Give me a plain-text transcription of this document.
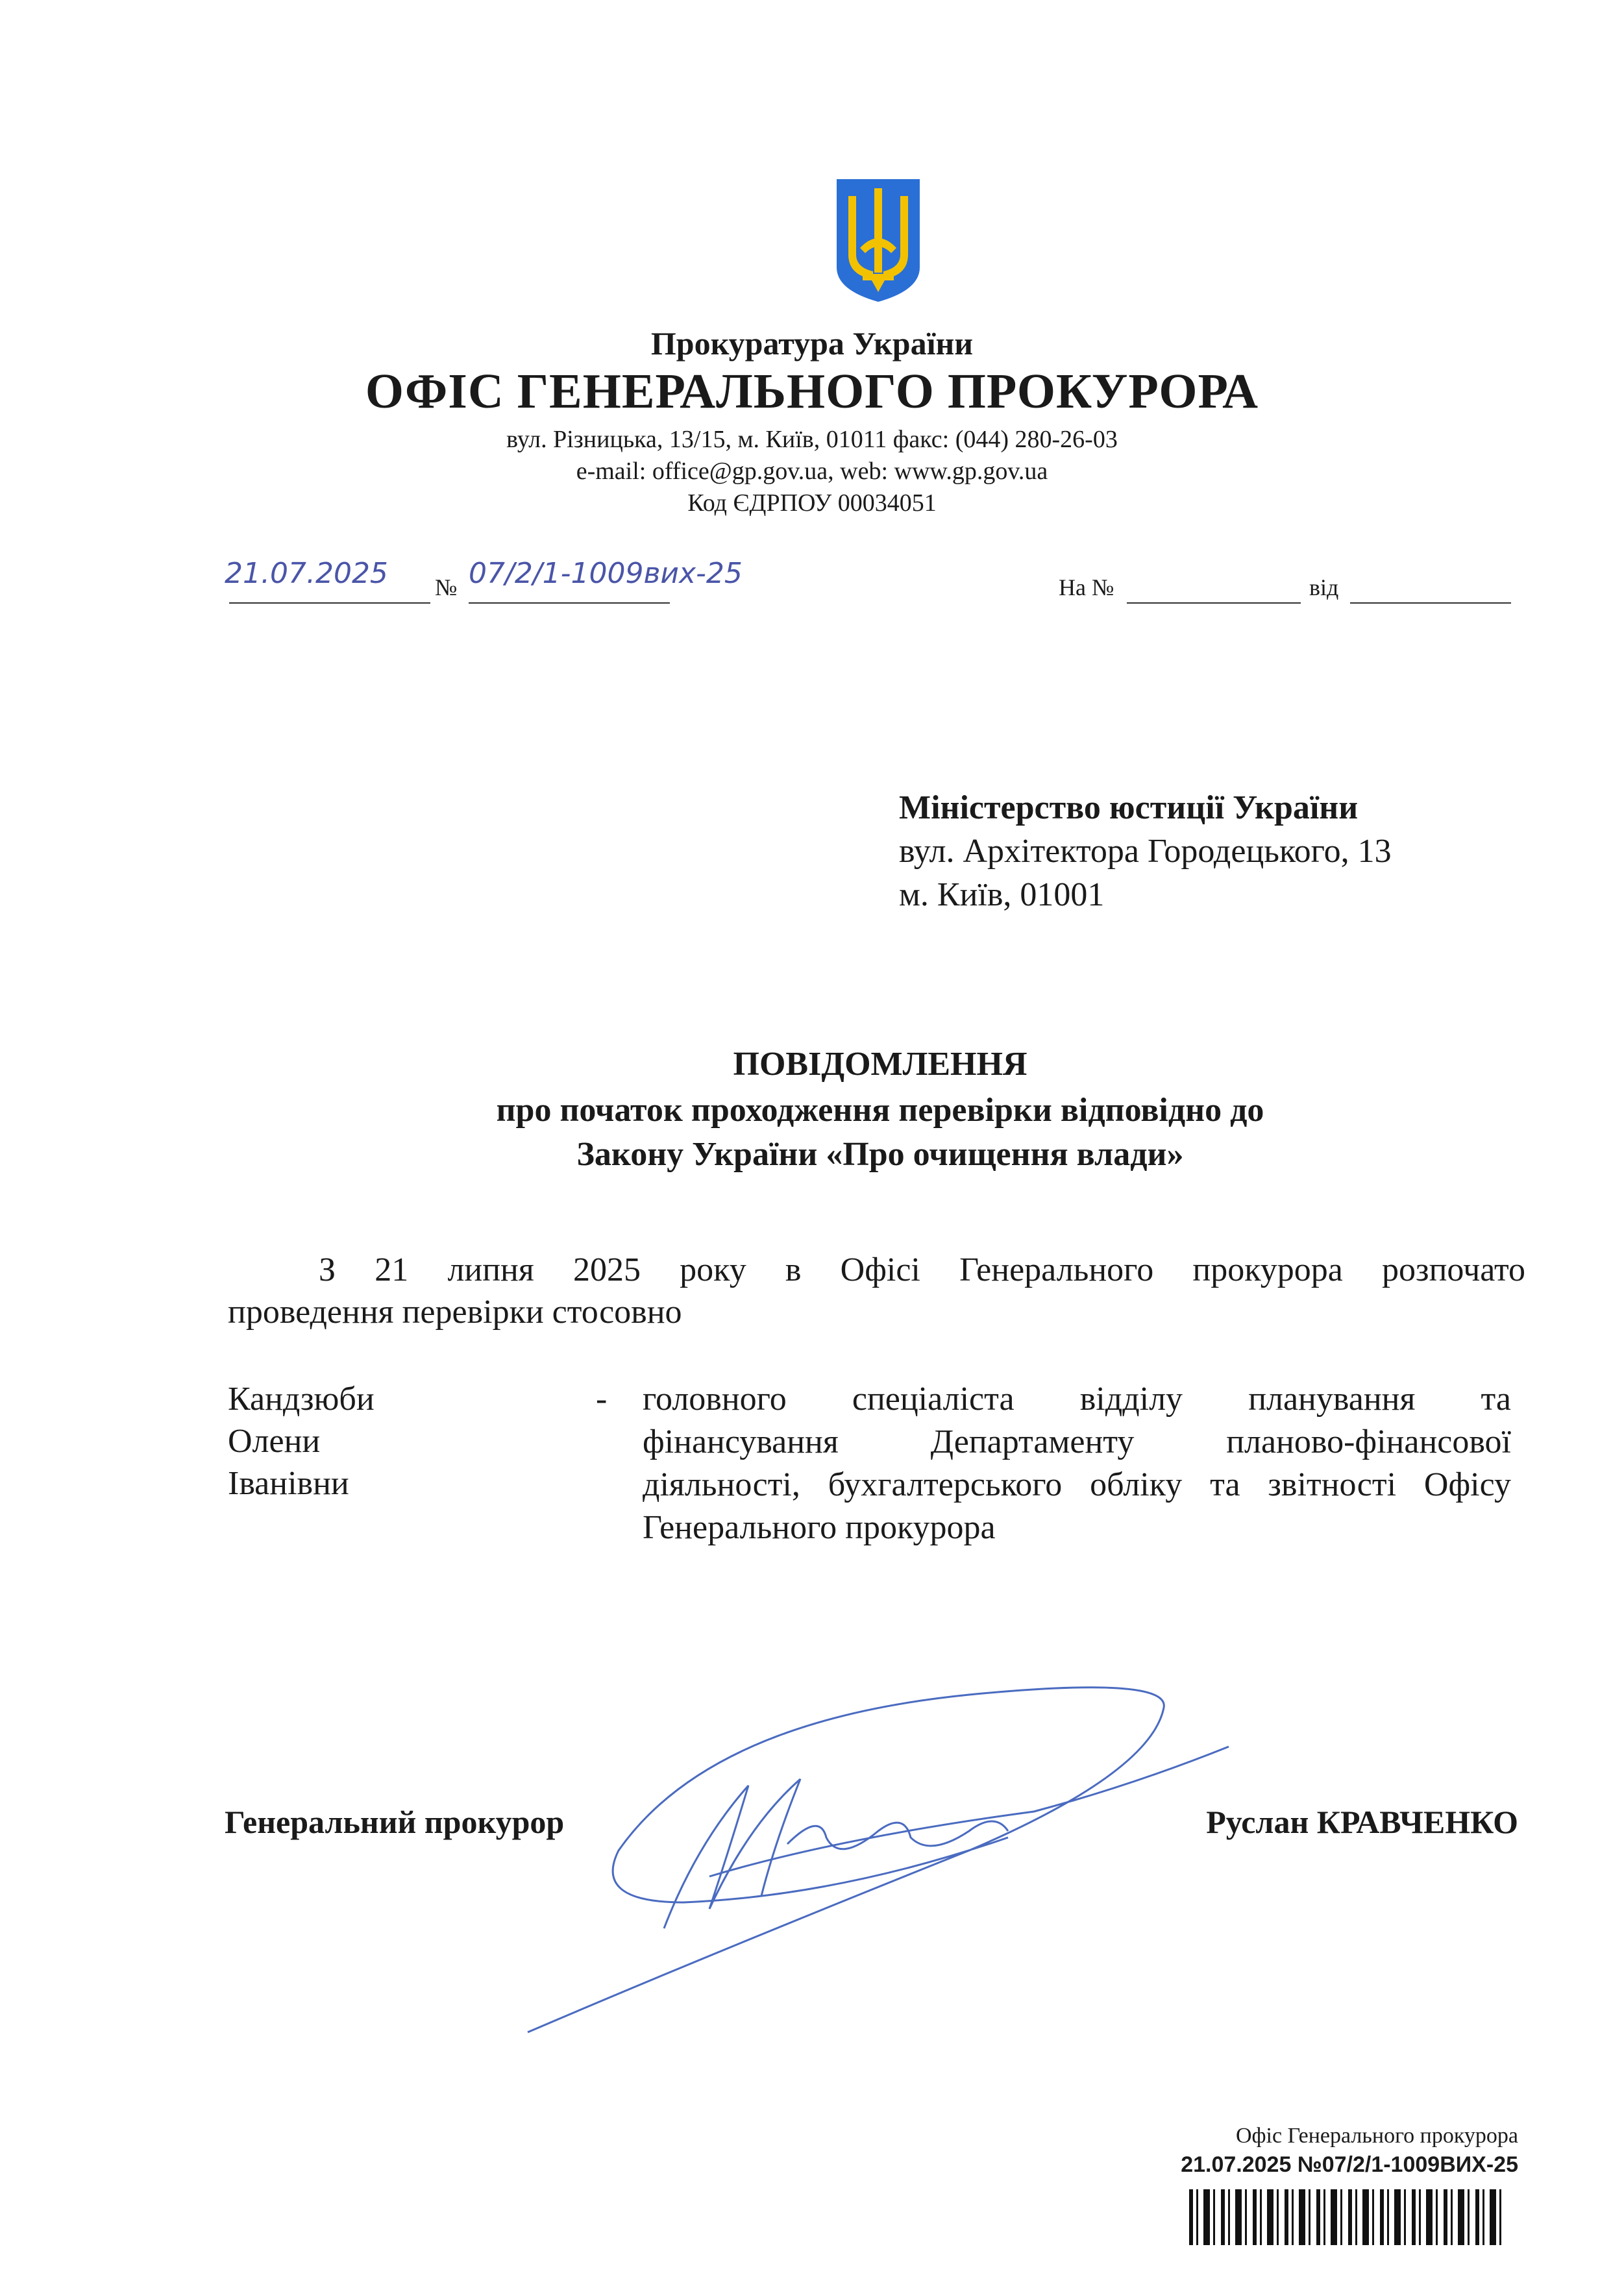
Прокуратура України
ОФІС ГЕНЕРАЛЬНОГО ПРОКУРОРА
вул. Різницька, 13/15, м. Київ, 01011 факс: (044) 280-26-03
e-mail: office@gp.gov.ua, web: www.gp.gov.ua
Код ЄДРПОУ 00034051
21.07.2025 № 07/2/1-1009вих-25	На №	від
Міністерство юстиції України
вул. Архітектора Городецького, 13
м. Київ, 01001
ПОВІДОМЛЕННЯ
про початок проходження перевірки відповідно до
Закону України «Про очищення влади»
З 21 липня 2025 року в Офісі Генерального прокурора розпочато
проведення перевірки стосовно
Кандзюби
Олени
Іванівни
- головного спеціаліста відділу планування та
фінансування Департаменту планово-фінансової
діяльності, бухгалтерського обліку та звітності Офісу
Генерального прокурора
Генеральний прокурор	Руслан КРАВЧЕНКО
Офіс Генерального прокурора
21.07.2025 №07/2/1-1009ВИХ-25
